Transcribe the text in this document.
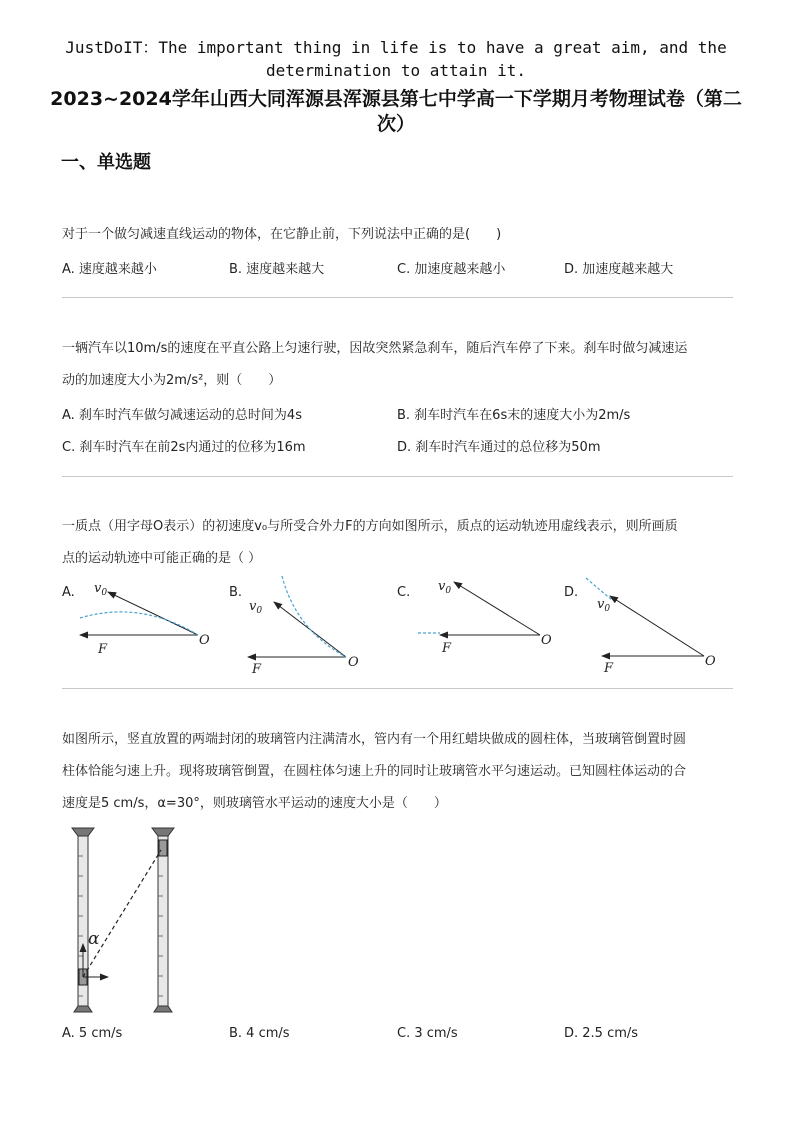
JustDoIT：The important thing in life is to have a great aim, and the determination to attain it.
2023~2024学年山西大同浑源县浑源县第七中学高一下学期月考物理试卷（第二次）
一、单选题
对于一个做匀减速直线运动的物体，在它静止前，下列说法中正确的是(　　)
A. 速度越来越小	B. 速度越来越大	C. 加速度越来越小	D. 加速度越来越大
一辆汽车以10m/s的速度在平直公路上匀速行驶，因故突然紧急刹车，随后汽车停了下来。刹车时做匀减速运
动的加速度大小为2m/s²，则（　　）
A. 刹车时汽车做匀减速运动的总时间为4s	B. 刹车时汽车在6s末的速度大小为2m/s
C. 刹车时汽车在前2s内通过的位移为16m	D. 刹车时汽车通过的总位移为50m
一质点（用字母O表示）的初速度v₀与所受合外力F的方向如图所示，质点的运动轨迹用虚线表示，则所画质
点的运动轨迹中可能正确的是（ ）
A.	B.	C.	D.
$v_0$
F
O
$v_0$
F	O
$v_0$
F
O
$v_0$
F	O
如图所示，竖直放置的两端封闭的玻璃管内注满清水，管内有一个用红蜡块做成的圆柱体，当玻璃管倒置时圆
柱体恰能匀速上升。现将玻璃管倒置，在圆柱体匀速上升的同时让玻璃管水平匀速运动。已知圆柱体运动的合
速度是5 cm/s，α=30°，则玻璃管水平运动的速度大小是（　　）
α
A. 5 cm/s	B. 4 cm/s	C. 3 cm/s	D. 2.5 cm/s
